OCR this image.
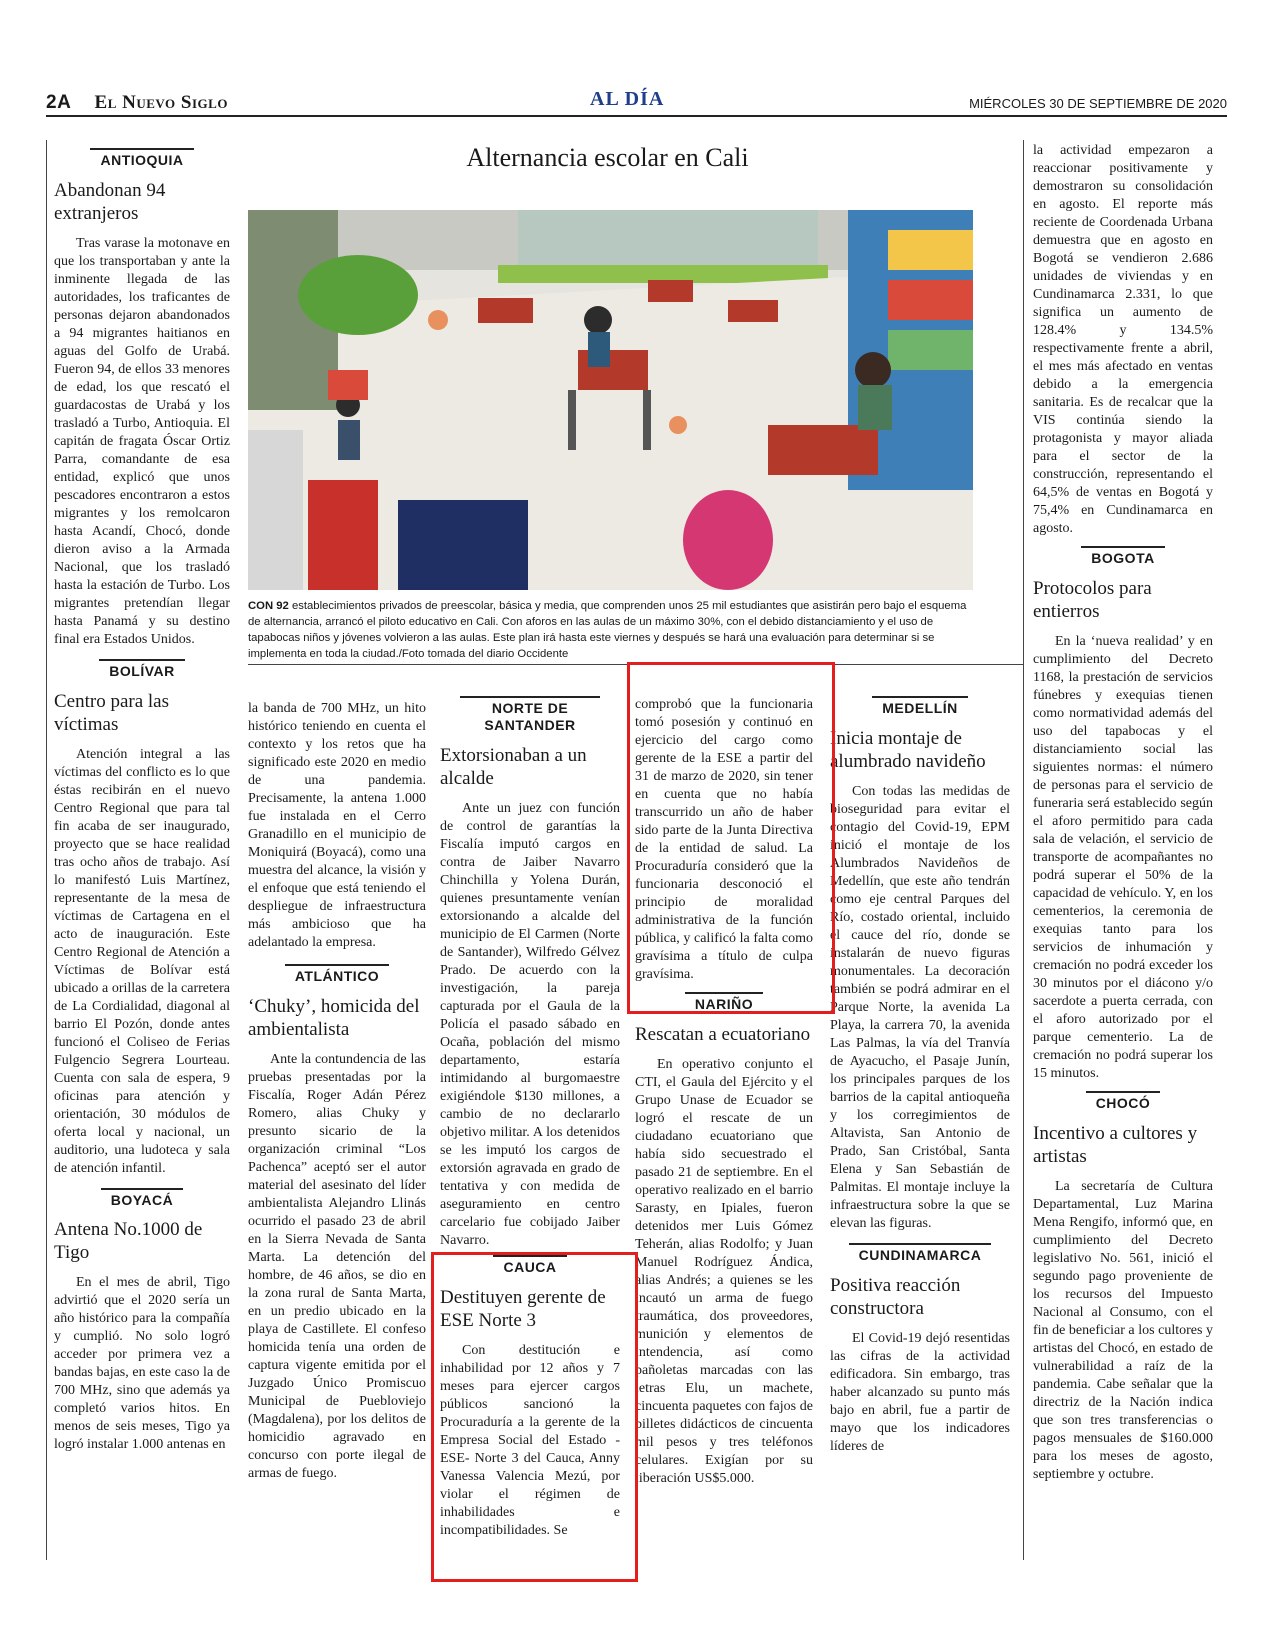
2A El Nuevo Siglo	AL DÍA	MIÉRCOLES 30 DE SEPTIEMBRE DE 2020
Alternancia escolar en Cali
CON 92 establecimientos privados de preescolar, básica y media, que comprenden unos 25 mil estudiantes que asistirán pero bajo el esquema de alternancia, arrancó el piloto educativo en Cali. Con aforos en las aulas de un máximo 30%, con el debido distanciamiento y el uso de tapabocas niños y jóvenes volvieron a las aulas. Este plan irá hasta este viernes y después se hará una evaluación para determinar si se implementa en toda la ciudad./Foto tomada del diario Occidente
ANTIOQUIA
Abandonan 94 extranjeros

Tras varase la motonave en que los transportaban y ante la inminente llegada de las autoridades, los traficantes de personas dejaron abandonados a 94 migrantes haitianos en aguas del Golfo de Urabá. Fueron 94, de ellos 33 menores de edad, los que rescató el guardacostas de Urabá y los trasladó a Turbo, Antioquia. El capitán de fragata Óscar Ortiz Parra, comandante de esa entidad, explicó que unos pescadores encontraron a estos migrantes y los remolcaron hasta Acandí, Chocó, donde dieron aviso a la Armada Nacional, que los trasladó hasta la estación de Turbo. Los migrantes pretendían llegar hasta Panamá y su destino final era Estados Unidos.

BOLÍVAR
Centro para las víctimas

Atención integral a las víctimas del conflicto es lo que éstas recibirán en el nuevo Centro Regional que para tal fin acaba de ser inaugurado, proyecto que se hace realidad tras ocho años de trabajo. Así lo manifestó Luis Martínez, representante de la mesa de víctimas de Cartagena en el acto de inauguración. Este Centro Regional de Atención a Víctimas de Bolívar está ubicado a orillas de la carretera de La Cordialidad, diagonal al barrio El Pozón, donde antes funcionó el Coliseo de Ferias Fulgencio Segrera Lourteau. Cuenta con sala de espera, 9 oficinas para atención y orientación, 30 módulos de oferta local y nacional, un auditorio, una ludoteca y sala de atención infantil.

BOYACÁ
Antena No.1000 de Tigo

En el mes de abril, Tigo advirtió que el 2020 sería un año histórico para la compañía y cumplió. No solo logró acceder por primera vez a bandas bajas, en este caso la de 700 MHz, sino que además ya completó varios hitos. En menos de seis meses, Tigo ya logró instalar 1.000 antenas en

la banda de 700 MHz, un hito histórico teniendo en cuenta el contexto y los retos que ha significado este 2020 en medio de una pandemia. Precisamente, la antena 1.000 fue instalada en el Cerro Granadillo en el municipio de Moniquirá (Boyacá), como una muestra del alcance, la visión y el enfoque que está teniendo el despliegue de infraestructura más ambicioso que ha adelantado la empresa.

ATLÁNTICO
‘Chuky’, homicida del ambientalista

Ante la contundencia de las pruebas presentadas por la Fiscalía, Roger Adán Pérez Romero, alias Chuky y presunto sicario de la organización criminal “Los Pachenca” aceptó ser el autor material del asesinato del líder ambientalista Alejandro Llinás ocurrido el pasado 23 de abril en la Sierra Nevada de Santa Marta. La detención del hombre, de 46 años, se dio en la zona rural de Santa Marta, en un predio ubicado en la playa de Castillete. El confeso homicida tenía una orden de captura vigente emitida por el Juzgado Único Promiscuo Municipal de Puebloviejo (Magdalena), por los delitos de homicidio agravado en concurso con porte ilegal de armas de fuego.

NORTE DE SANTANDER
Extorsionaban a un alcalde

Ante un juez con función de control de garantías la Fiscalía imputó cargos en contra de Jaiber Navarro Chinchilla y Yolena Durán, quienes presuntamente venían extorsionando a alcalde del municipio de El Carmen (Norte de Santander), Wilfredo Gélvez Prado. De acuerdo con la investigación, la pareja capturada por el Gaula de la Policía el pasado sábado en Ocaña, población del mismo departamento, estaría intimidando al burgomaestre exigiéndole $130 millones, a cambio de no declararlo objetivo militar. A los detenidos se les imputó los cargos de extorsión agravada en grado de tentativa y con medida de aseguramiento en centro carcelario fue cobijado Jaiber Navarro.

CAUCA
Destituyen gerente de ESE Norte 3

Con destitución e inhabilidad por 12 años y 7 meses para ejercer cargos públicos sancionó la Procuraduría a la gerente de la Empresa Social del Estado -ESE- Norte 3 del Cauca, Anny Vanessa Valencia Mezú, por violar el régimen de inhabilidades e incompatibilidades. Se

comprobó que la funcionaria tomó posesión y continuó en ejercicio del cargo como gerente de la ESE a partir del 31 de marzo de 2020, sin tener en cuenta que no había transcurrido un año de haber sido parte de la Junta Directiva de la entidad de salud. La Procuraduría consideró que la funcionaria desconoció el principio de moralidad administrativa de la función pública, y calificó la falta como gravísima a título de culpa gravísima.

NARIÑO
Rescatan a ecuatoriano

En operativo conjunto el CTI, el Gaula del Ejército y el Grupo Unase de Ecuador se logró el rescate de un ciudadano ecuatoriano que había sido secuestrado el pasado 21 de septiembre. En el operativo realizado en el barrio Sarasty, en Ipiales, fueron detenidos mer Luis Gómez Teherán, alias Rodolfo; y Juan Manuel Rodríguez Ándica, alias Andrés; a quienes se les incautó un arma de fuego traumática, dos proveedores, munición y elementos de intendencia, así como pañoletas marcadas con las letras Elu, un machete, cincuenta paquetes con fajos de billetes didácticos de cincuenta mil pesos y tres teléfonos celulares. Exigían por su liberación US$5.000.

MEDELLÍN
Inicia montaje de alumbrado navideño

Con todas las medidas de bioseguridad para evitar el contagio del Covid-19, EPM inició el montaje de los Alumbrados Navideños de Medellín, que este año tendrán como eje central Parques del Río, costado oriental, incluido el cauce del río, donde se instalarán de nuevo figuras monumentales. La decoración también se podrá admirar en el Parque Norte, la avenida La Playa, la carrera 70, la avenida Las Palmas, la vía del Tranvía de Ayacucho, el Pasaje Junín, los principales parques de los barrios de la capital antioqueña y los corregimientos de Altavista, San Antonio de Prado, San Cristóbal, Santa Elena y San Sebastián de Palmitas. El montaje incluye la infraestructura sobre la que se elevan las figuras.

CUNDINAMARCA
Positiva reacción constructora

El Covid-19 dejó resentidas las cifras de la actividad edificadora. Sin embargo, tras haber alcanzado su punto más bajo en abril, fue a partir de mayo que los indicadores líderes de

la actividad empezaron a reaccionar positivamente y demostraron su consolidación en agosto. El reporte más reciente de Coordenada Urbana demuestra que en agosto en Bogotá se vendieron 2.686 unidades de viviendas y en Cundinamarca 2.331, lo que significa un aumento de 128.4% y 134.5% respectivamente frente a abril, el mes más afectado en ventas debido a la emergencia sanitaria. Es de recalcar que la VIS continúa siendo la protagonista y mayor aliada para el sector de la construcción, representando el 64,5% de ventas en Bogotá y 75,4% en Cundinamarca en agosto.

BOGOTA
Protocolos para entierros

En la ‘nueva realidad’ y en cumplimiento del Decreto 1168, la prestación de servicios fúnebres y exequias tienen como normatividad además del uso del tapabocas y el distanciamiento social las siguientes normas: el número de personas para el servicio de funeraria será establecido según el aforo permitido para cada sala de velación, el servicio de transporte de acompañantes no podrá superar el 50% de la capacidad de vehículo. Y, en los cementerios, la ceremonia de exequias tanto para los servicios de inhumación y cremación no podrá exceder los 30 minutos por el diácono y/o sacerdote a puerta cerrada, con el aforo autorizado por el parque cementerio. La de cremación no podrá superar los 15 minutos.

CHOCÓ
Incentivo a cultores y artistas

La secretaría de Cultura Departamental, Luz Marina Mena Rengifo, informó que, en cumplimiento del Decreto legislativo No. 561, inició el segundo pago proveniente de los recursos del Impuesto Nacional al Consumo, con el fin de beneficiar a los cultores y artistas del Chocó, en estado de vulnerabilidad a raíz de la pandemia. Cabe señalar que la directriz de la Nación indica que son tres transferencias o pagos mensuales de $160.000 para los meses de agosto, septiembre y octubre.
